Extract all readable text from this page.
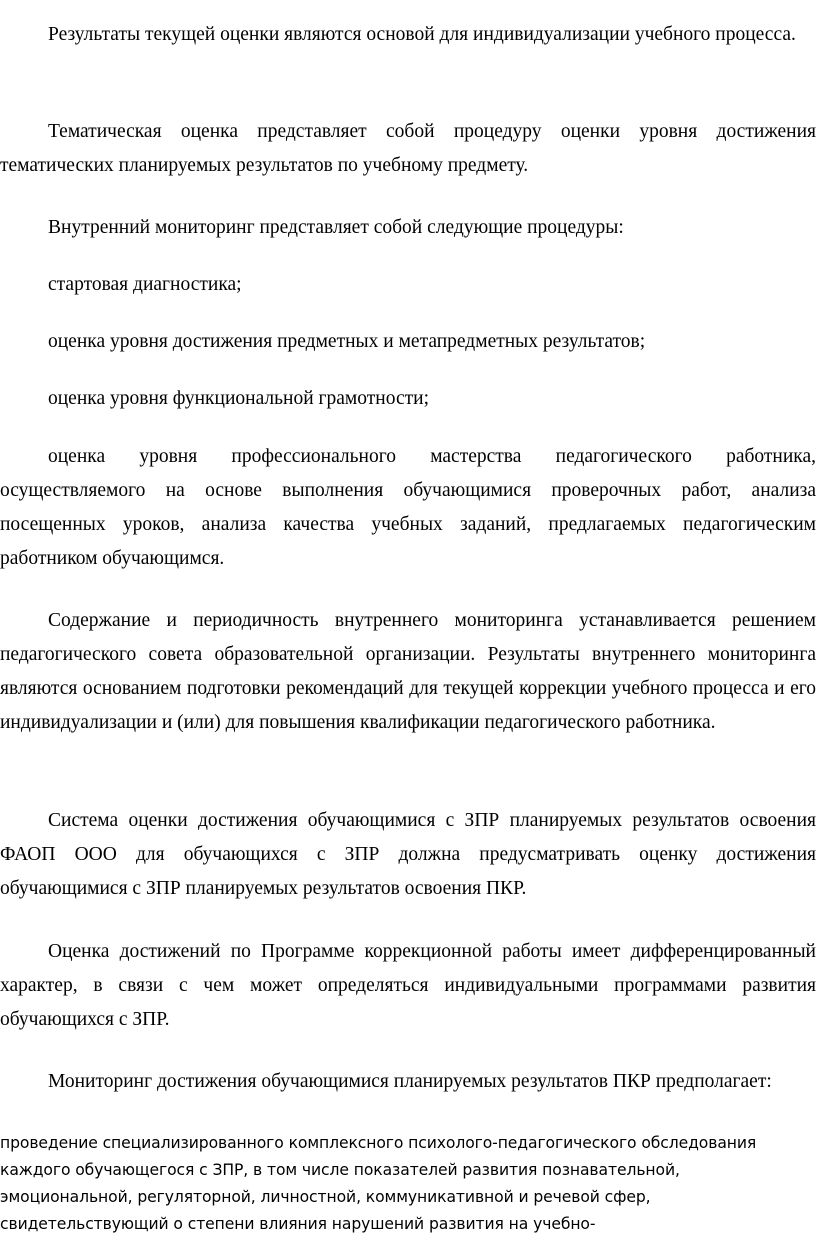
Результаты текущей оценки являются основой для индивидуализации учебного процесса.

Тематическая оценка представляет собой процедуру оценки уровня достижения тематических планируемых результатов по учебному предмету.

Внутренний мониторинг представляет собой следующие процедуры:

стартовая диагностика;

оценка уровня достижения предметных и метапредметных результатов;

оценка уровня функциональной грамотности;

оценка уровня профессионального мастерства педагогического работника, осуществляемого на основе выполнения обучающимися проверочных работ, анализа посещенных уроков, анализа качества учебных заданий, предлагаемых педагогическим работником обучающимся.

Содержание и периодичность внутреннего мониторинга устанавливается решением педагогического совета образовательной организации. Результаты внутреннего мониторинга являются основанием подготовки рекомендаций для текущей коррекции учебного процесса и его индивидуализации и (или) для повышения квалификации педагогического работника.

Система оценки достижения обучающимися с ЗПР планируемых результатов освоения ФАОП ООО для обучающихся с ЗПР должна предусматривать оценку достижения обучающимися с ЗПР планируемых результатов освоения ПКР.

Оценка достижений по Программе коррекционной работы имеет дифференцированный характер, в связи с чем может определяться индивидуальными программами развития обучающихся с ЗПР.

Мониторинг достижения обучающимися планируемых результатов ПКР предполагает:

проведение специализированного комплексного психолого-педагогического обследования каждого обучающегося с ЗПР, в том числе показателей развития познавательной, эмоциональной, регуляторной, личностной, коммуникативной и речевой сфер, свидетельствующий о степени влияния нарушений развития на учебно-
